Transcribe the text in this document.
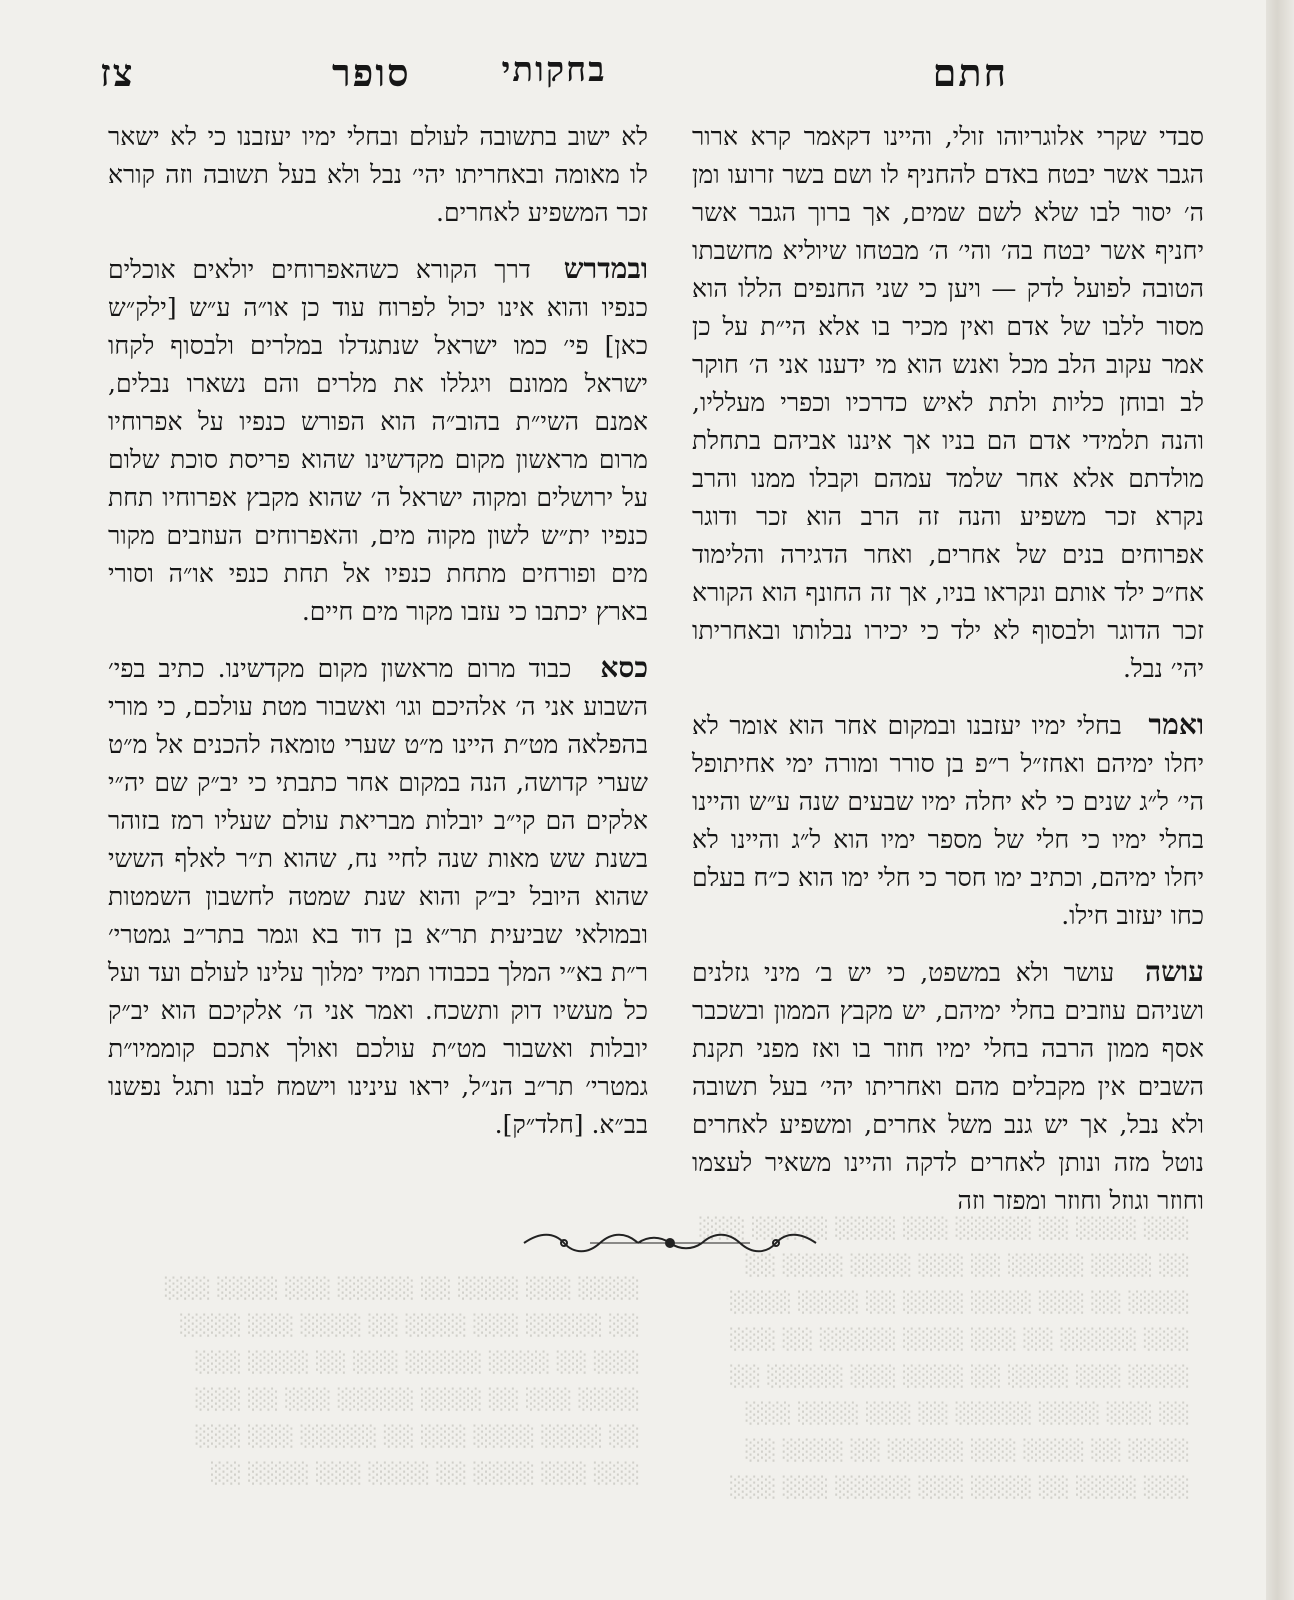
░░░ ░░░░ ░░ ░░░░░ ░░░ ░░░░ ░░░░░ ░░░
░░ ░░░░ ░░░░░ ░░ ░░░ ░░░░ ░░░░ ░░
░░░░ ░░ ░░░ ░░░░ ░░░░ ░░ ░░░░ ░░░░
░░░ ░░░░░ ░░ ░░░ ░░░░ ░░░░░ ░░ ░░░
░░░░ ░░░ ░░░░ ░░ ░░░░ ░░░ ░░░░░ ░░
░░ ░░░ ░░░░ ░░░░░ ░░ ░░░ ░░░░ ░░░
░░░░ ░░ ░░░░ ░░░ ░░░░░ ░░ ░░░░ ░░
░░░ ░░░░ ░░ ░░░░ ░░░ ░░░░░ ░░░ ░░░
░░░░ ░░░ ░░░░ ░░ ░░░░░ ░░░ ░░░░ ░░░
░░ ░░░░░ ░░░ ░░░░ ░░ ░░░░ ░░░ ░░░░
░░░ ░░ ░░░░ ░░░░░ ░░░ ░░ ░░░░ ░░░
░░░░ ░░░ ░░ ░░░░ ░░░░░ ░░░ ░░ ░░░
░░ ░░░░ ░░░░ ░░░ ░░ ░░░░░ ░░░ ░░░
░░░ ░░░ ░░░░ ░░ ░░░░ ░░░ ░░░░ ░░
חתם
בחקותי
סופר
צז

סבדי שקרי אלוגריוהו זולי, והיינו דקאמר קרא ארור הגבר אשר יבטח באדם להחניף לו ושם בשר זרועו ומן ה׳ יסור לבו שלא לשם שמים, אך ברוך הגבר אשר יחניף אשר יבטח בה׳ והי׳ ה׳ מבטחו שיוליא מחשבתו הטובה לפועל לדק — ויען כי שני החנפים הללו הוא מסור ללבו של אדם ואין מכיר בו אלא הי״ת על כן אמר עקוב הלב מכל ואנש הוא מי ידענו אני ה׳ חוקר לב ובוחן כליות ולתת לאיש כדרכיו וכפרי מעלליו, והנה תלמידי אדם הם בניו אך איננו אביהם בתחלת מולדתם אלא אחר שלמד עמהם וקבלו ממנו והרב נקרא זכר משפיע והנה זה הרב הוא זכר ודוגר אפרוחים בנים של אחרים, ואחר הדגירה והלימוד אח״כ ילד אותם ונקראו בניו, אך זה החונף הוא הקורא זכר הדוגר ולבסוף לא ילד כי יכירו נבלותו ובאחריתו יהי׳ נבל.

ואמר בחלי ימיו יעזבנו ובמקום אחר הוא אומר לא יחלו ימיהם ואחז״ל ר״פ בן סורר ומורה ימי אחיתופל הי׳ ל״ג שנים כי לא יחלה ימיו שבעים שנה ע״ש והיינו בחלי ימיו כי חלי של מספר ימיו הוא ל״ג והיינו לא יחלו ימיהם, וכתיב ימו חסר כי חלי ימו הוא כ״ח בעלם כחו יעזוב חילו.

עושה עושר ולא במשפט, כי יש ב׳ מיני גזלנים ושניהם עוזבים בחלי ימיהם, יש מקבץ הממון ובשכבר אסף ממון הרבה בחלי ימיו חוזר בו ואז מפני תקנת השבים אין מקבלים מהם ואחריתו יהי׳ בעל תשובה ולא נבל, אך יש גנב משל אחרים, ומשפיע לאחרים נוטל מזה ונותן לאחרים לדקה והיינו משאיר לעצמו וחוזר וגוזל וחוזר ומפזר וזה

לא ישוב בתשובה לעולם ובחלי ימיו יעזבנו כי לא ישאר לו מאומה ובאחריתו יהי׳ נבל ולא בעל תשובה וזה קורא זכר המשפיע לאחרים.

ובמדרש דרך הקורא כשהאפרוחים יולאים אוכלים כנפיו והוא אינו יכול לפרוח עוד כן או״ה ע״ש [ילק״ש כאן] פי׳ כמו ישראל שנתגדלו במלרים ולבסוף לקחו ישראל ממונם ויגללו את מלרים והם נשארו נבלים, אמנם השי״ת בהוב״ה הוא הפורש כנפיו על אפרוחיו מרום מראשון מקום מקדשינו שהוא פריסת סוכת שלום על ירושלים ומקוה ישראל ה׳ שהוא מקבץ אפרוחיו תחת כנפיו ית״ש לשון מקוה מים, והאפרוחים העוזבים מקור מים ופורחים מתחת כנפיו אל תחת כנפי או״ה וסורי בארץ יכתבו כי עזבו מקור מים חיים.

כסא כבוד מרום מראשון מקום מקדשינו. כתיב בפי׳ השבוע אני ה׳ אלהיכם וגו׳ ואשבור מטת עולכם, כי מורי בהפלאה מט״ת היינו מ״ט שערי טומאה להכנים אל מ״ט שערי קדושה, הנה במקום אחר כתבתי כי יב״ק שם יה״י אלקים הם קי״ב יובלות מבריאת עולם שעליו רמז בזוהר בשנת שש מאות שנה לחיי נח, שהוא ת״ר לאלף הששי שהוא היובל יב״ק והוא שנת שמטה לחשבון השמטות ובמולאי שביעית תר״א בן דוד בא וגמר בתר״ב גמטרי׳ ר״ת בא״י המלך בכבודו תמיד ימלוך עלינו לעולם ועד ועל כל מעשיו דוק ותשכח. ואמר אני ה׳ אלקיכם הוא יב״ק יובלות ואשבור מט״ת עולכם ואולך אתכם קוממיו״ת גמטרי׳ תר״ב הנ״ל, יראו עינינו וישמח לבנו ותגל נפשנו בב״א. [חלד״ק].
